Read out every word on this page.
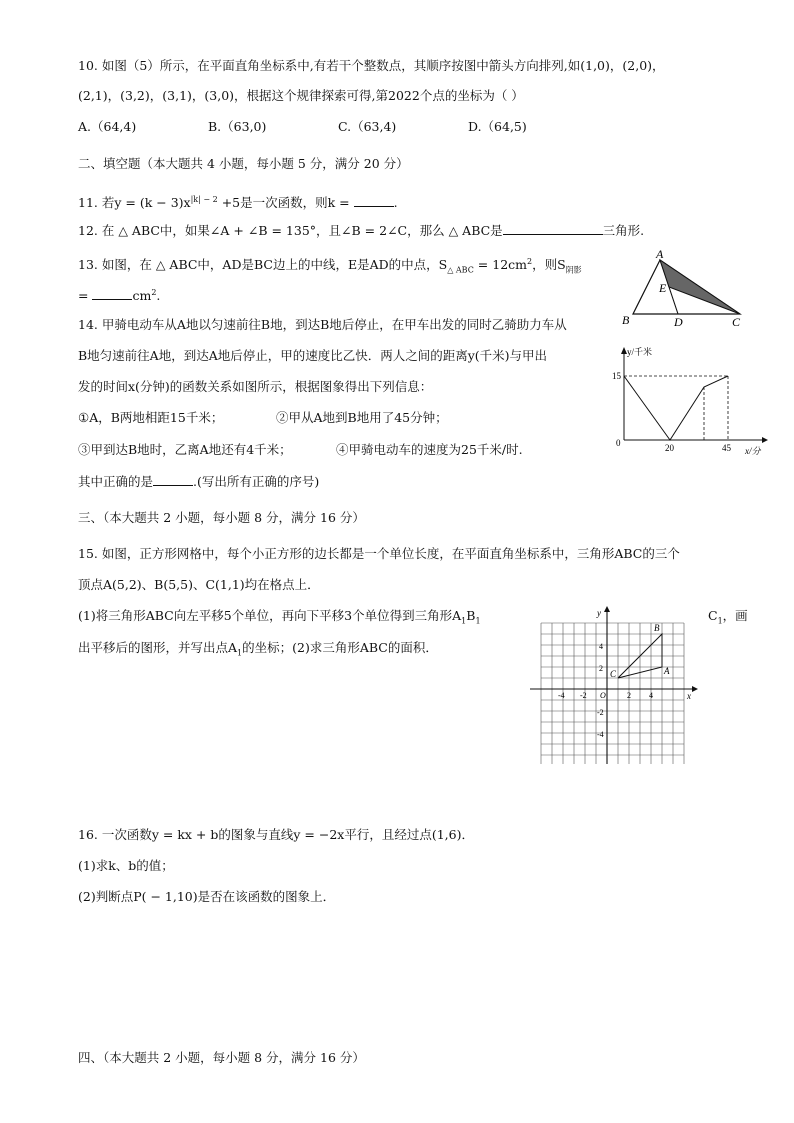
10. 如图（5）所示，在平面直角坐标系中,有若干个整数点，其顺序按图中箭头方向排列,如(1,0)，(2,0)，
(2,1)，(3,2)，(3,1)，(3,0)，根据这个规律探索可得,第2022个点的坐标为（ ）
A.（64,4)	B.（63,0)	C.（63,4)	D.（64,5)
二、填空题（本大题共 4 小题，每小题 5 分，满分 20 分）
11. 若$y = (k - 3)x^{|k| - 2} +5$是一次函数，则k =	.
12. 在 △ ABC中，如果∠A + ∠B = 135°，且∠B = 2∠C，那么 △ ABC是	三角形.
13. 如图，在 △ ABC中，AD是BC边上的中线，E是AD的中点，$S_{\triangle ABC} = 12cm^2$，则$S_{阴影}$
=	$cm^2$.
A
E
B	D	C
14. 甲骑电动车从A地以匀速前往B地，到达B地后停止，在甲车出发的同时乙骑助力车从
B地匀速前往A地，到达A地后停止，甲的速度比乙快．两人之间的距离y(千米)与甲出
发的时间x(分钟)的函数关系如图所示，根据图象得出下列信息：
①A，B两地相距15千米；	②甲从A地到B地用了45分钟；
③甲到达B地时，乙离A地还有4千米；	④甲骑电动车的速度为25千米/时.
其中正确的是	.(写出所有正确的序号)
y/千米
x/分
0
15
20	45
三、（本大题共 2 小题，每小题 8 分，满分 16 分）
15. 如图，正方形网格中，每个小正方形的边长都是一个单位长度，在平面直角坐标系中，三角形ABC的三个
顶点A(5,2)、B(5,5)、C(1,1)均在格点上．
(1)将三角形ABC向左平移5个单位，再向下平移3个单位得到三角形$A_1B_1$	$C_1$，画
出平移后的图形，并写出点$A_1$的坐标；(2)求三角形ABC的面积．
y
x
-4 -2 O	2 4
4
2
-2
-4
B
C	A
16. 一次函数y = kx + b的图象与直线y = −2x平行，且经过点(1,6)．
(1)求k、b的值；
(2)判断点P( − 1,10)是否在该函数的图象上．
四、（本大题共 2 小题，每小题 8 分，满分 16 分）
